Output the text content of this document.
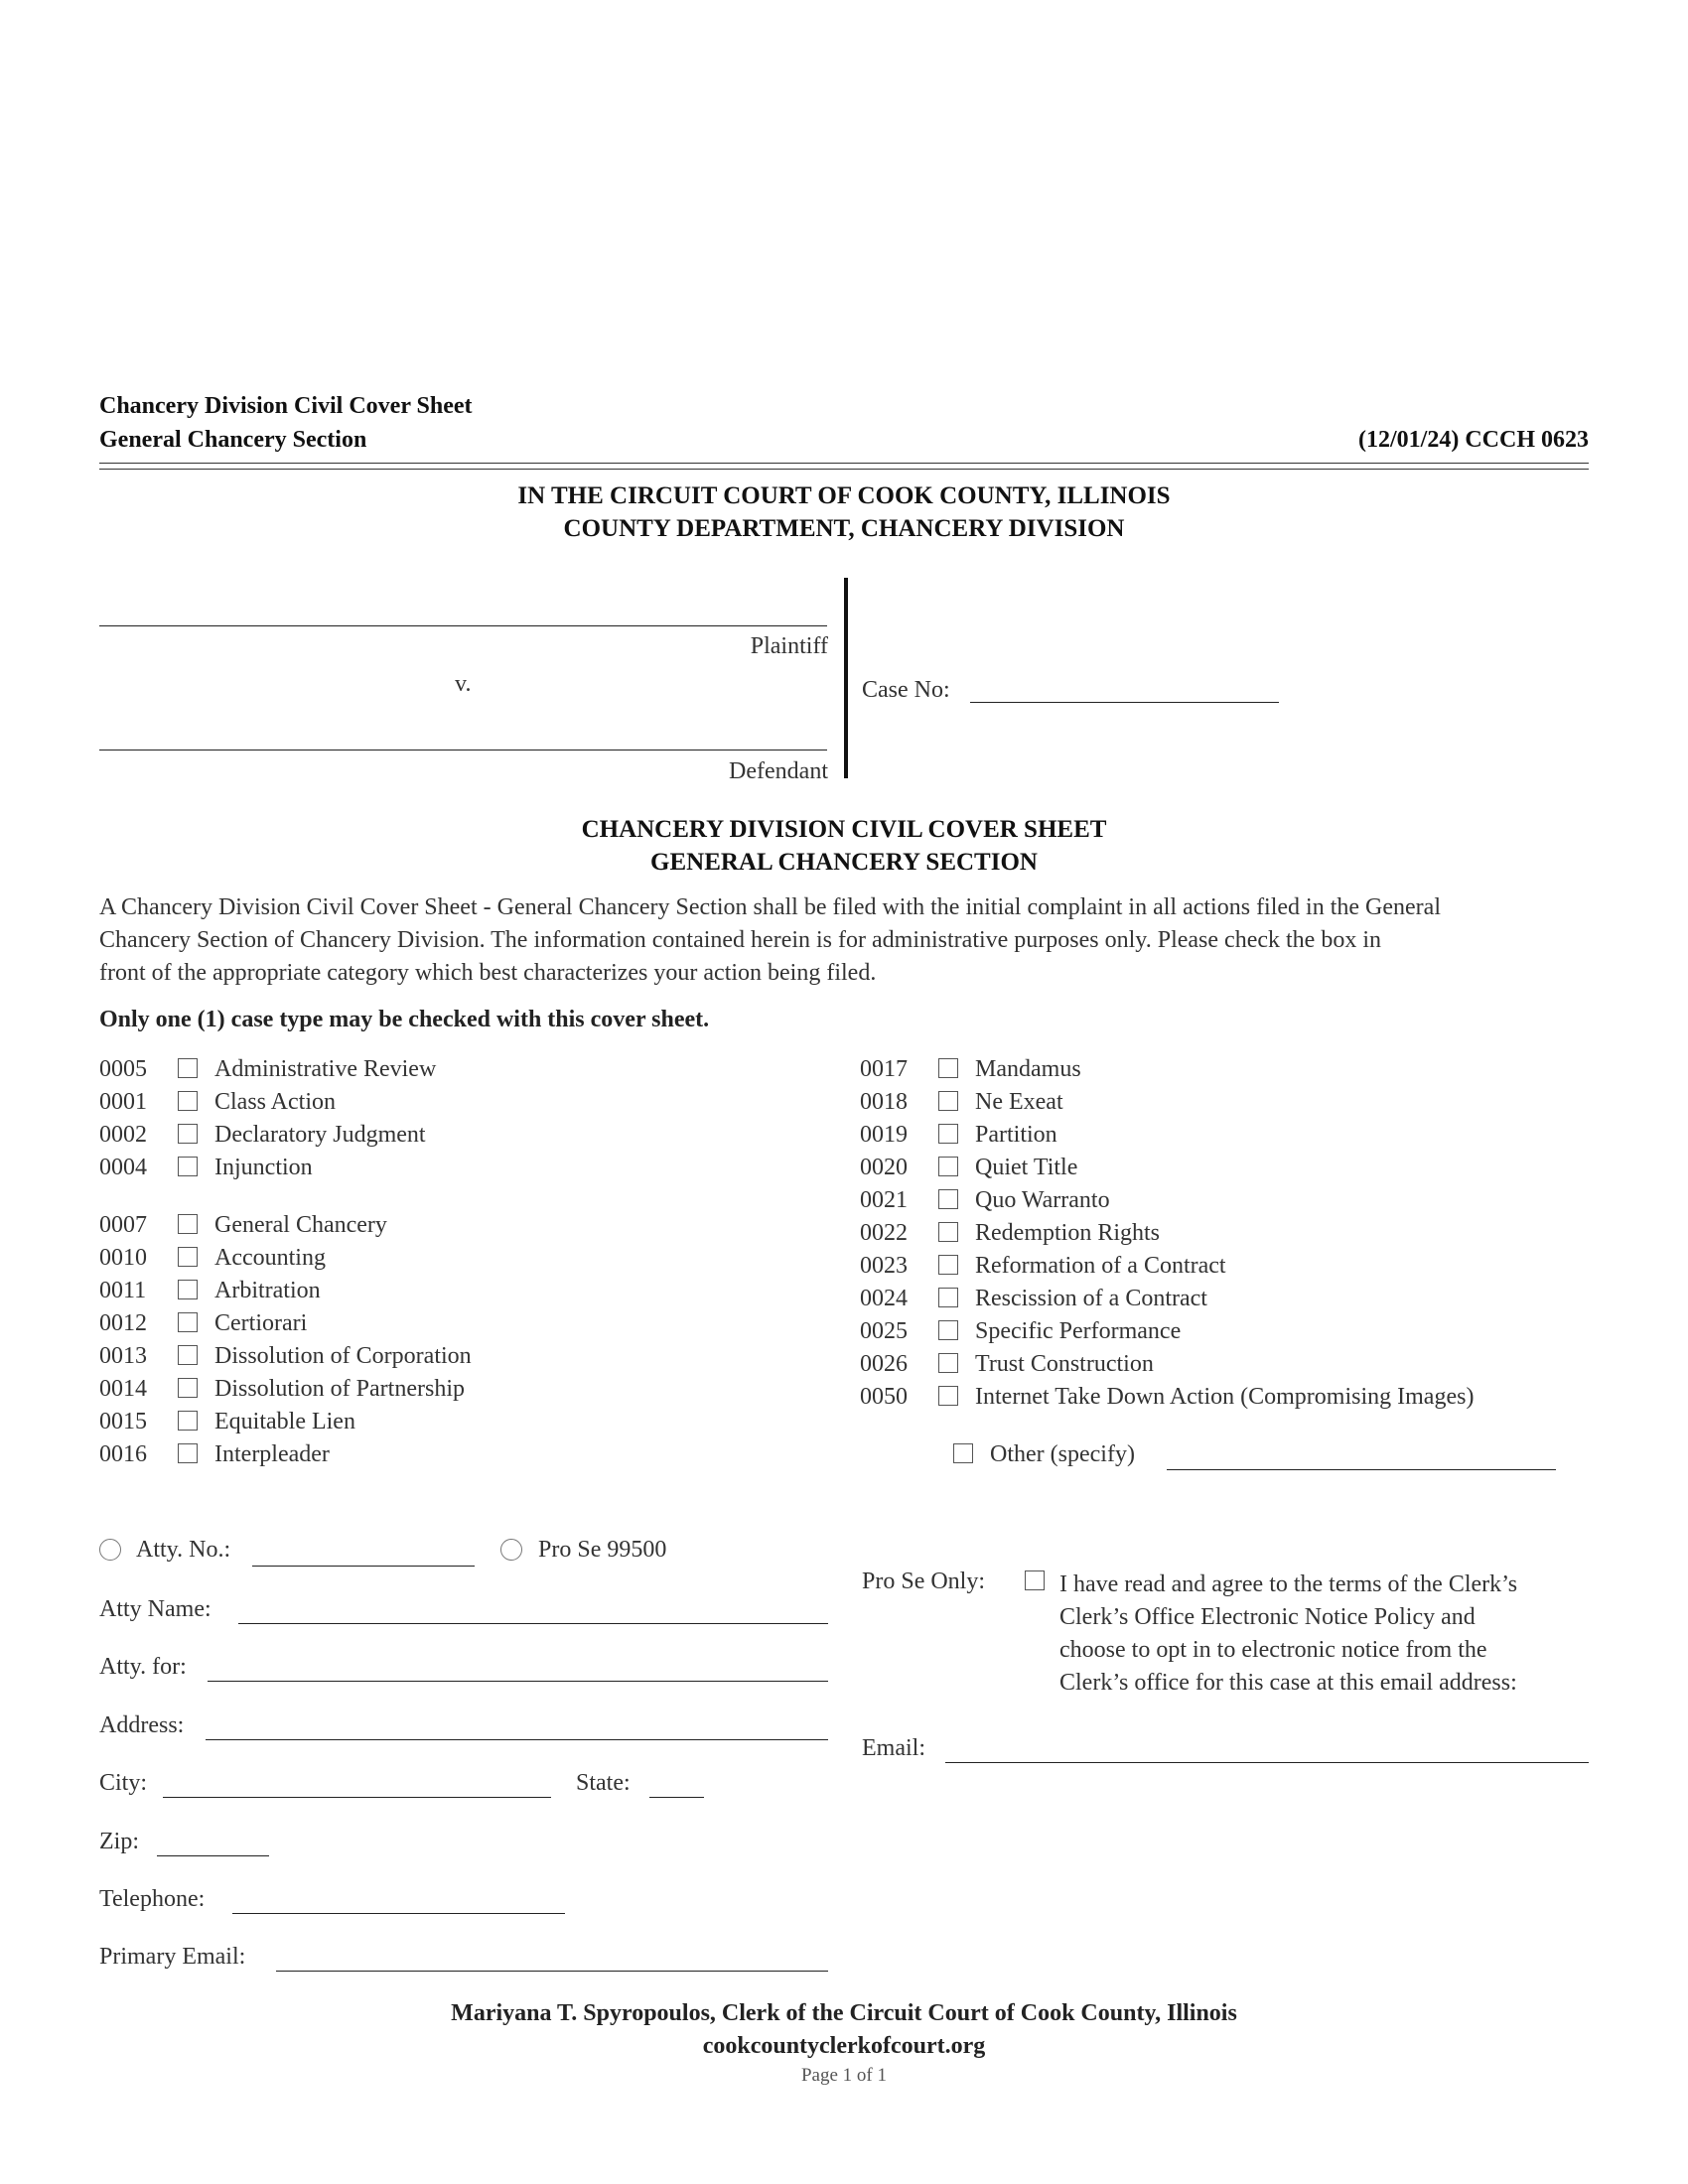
Chancery Division Civil Cover Sheet
General Chancery Section	(12/01/24) CCCH 0623
IN THE CIRCUIT COURT OF COOK COUNTY, ILLINOIS
COUNTY DEPARTMENT, CHANCERY DIVISION
Plaintiff
v.
Defendant
Case No:
CHANCERY DIVISION CIVIL COVER SHEET
GENERAL CHANCERY SECTION
A Chancery Division Civil Cover Sheet - General Chancery Section shall be filed with the initial complaint in all actions filed in the General
Chancery Section of Chancery Division. The information contained herein is for administrative purposes only. Please check the box in
front of the appropriate category which best characterizes your action being filed.
Only one (1) case type may be checked with this cover sheet.
0005	Administrative Review
0001	Class Action
0002	Declaratory Judgment
0004	Injunction
0007	General Chancery
0010	Accounting
0011	Arbitration
0012	Certiorari
0013	Dissolution of Corporation
0014	Dissolution of Partnership
0015	Equitable Lien
0016	Interpleader
0017	Mandamus
0018	Ne Exeat
0019	Partition
0020	Quiet Title
0021	Quo Warranto
0022	Redemption Rights
0023	Reformation of a Contract
0024	Rescission of a Contract
0025	Specific Performance
0026	Trust Construction
0050	Internet Take Down Action (Compromising Images)
Other (specify)
Atty. No.:	Pro Se 99500
Atty Name:
Atty. for:
Address:
City:	State:
Zip:
Telephone:
Primary Email:
Pro Se Only:	I have read and agree to the terms of the Clerk’s
Clerk’s Office Electronic Notice Policy and
choose to opt in to electronic notice from the
Clerk’s office for this case at this email address:
Email:
Mariyana T. Spyropoulos, Clerk of the Circuit Court of Cook County, Illinois
cookcountyclerkofcourt.org
Page 1 of 1
